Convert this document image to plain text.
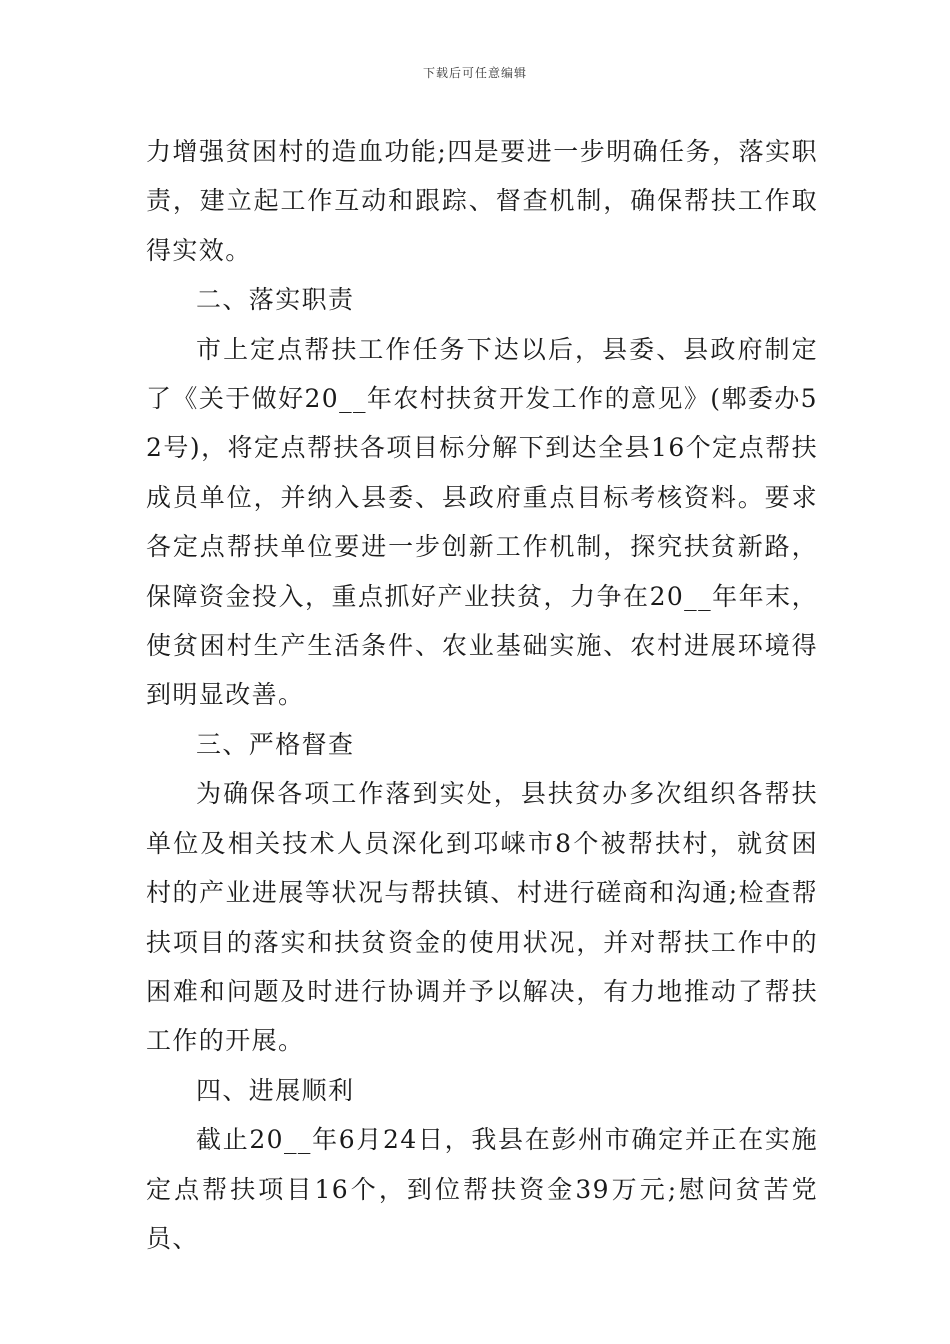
下载后可任意编辑

力增强贫困村的造血功能;四是要进一步明确任务，落实职责，建立起工作互动和跟踪、督查机制，确保帮扶工作取得实效。

二、落实职责

市上定点帮扶工作任务下达以后，县委、县政府制定了《关于做好20__年农村扶贫开发工作的意见》(郫委办52号)，将定点帮扶各项目标分解下到达全县16个定点帮扶成员单位，并纳入县委、县政府重点目标考核资料。要求各定点帮扶单位要进一步创新工作机制，探究扶贫新路，保障资金投入，重点抓好产业扶贫，力争在20__年年末，使贫困村生产生活条件、农业基础实施、农村进展环境得到明显改善。

三、严格督查

为确保各项工作落到实处，县扶贫办多次组织各帮扶单位及相关技术人员深化到邛崃市8个被帮扶村，就贫困村的产业进展等状况与帮扶镇、村进行磋商和沟通;检查帮扶项目的落实和扶贫资金的使用状况，并对帮扶工作中的困难和问题及时进行协调并予以解决，有力地推动了帮扶工作的开展。

四、进展顺利

截止20__年6月24日，我县在彭州市确定并正在实施定点帮扶项目16个，到位帮扶资金39万元;慰问贫苦党员、
